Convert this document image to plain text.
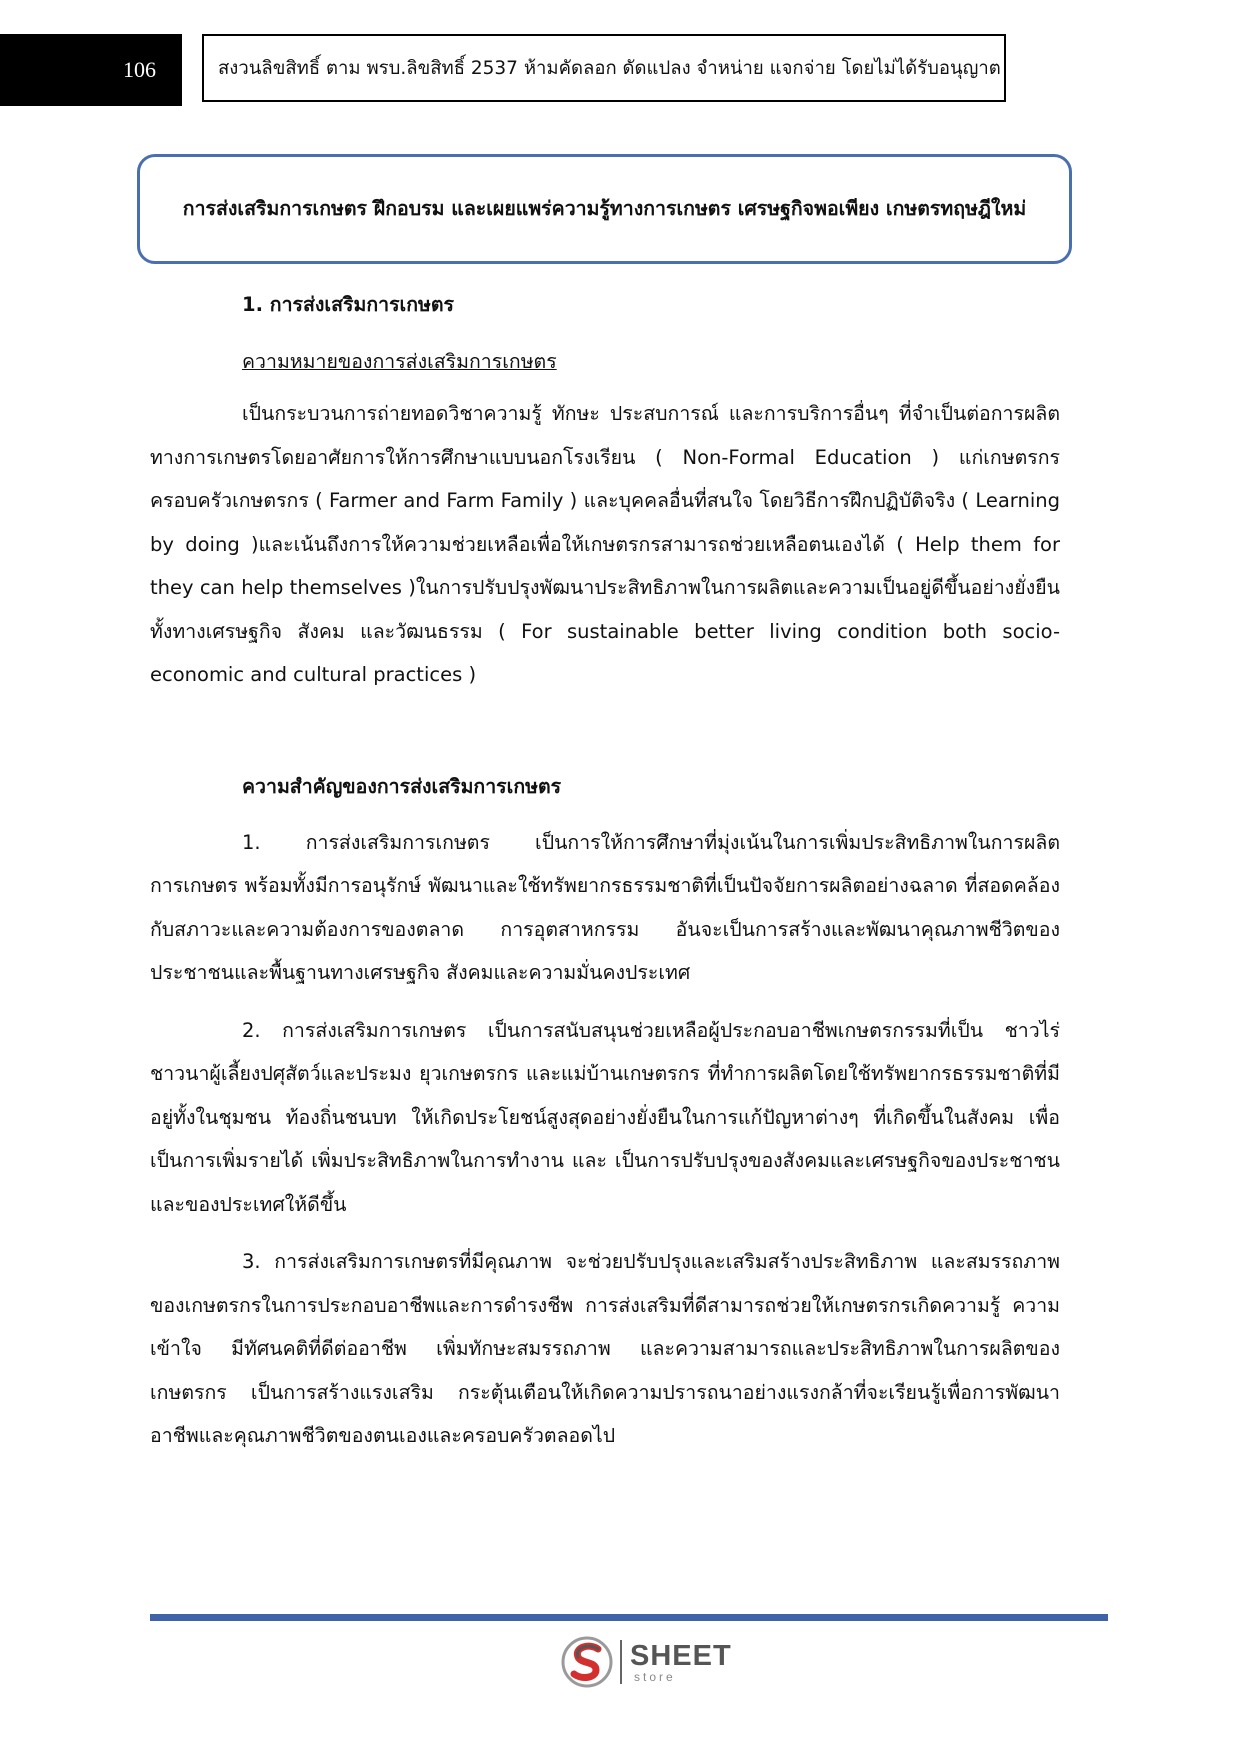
106	สงวนลิขสิทธิ์ ตาม พรบ.ลิขสิทธิ์ 2537 ห้ามคัดลอก ดัดแปลง จำหน่าย แจกจ่าย โดยไม่ได้รับอนุญาต
การส่งเสริมการเกษตร ฝึกอบรม และเผยแพร่ความรู้ทางการเกษตร เศรษฐกิจพอเพียง เกษตรทฤษฎีใหม่
1. การส่งเสริมการเกษตร
ความหมายของการส่งเสริมการเกษตร

เป็นกระบวนการถ่ายทอดวิชาความรู้ ทักษะ ประสบการณ์ และการบริการอื่นๆ ที่จำเป็นต่อการผลิตทางการเกษตรโดยอาศัยการให้การศึกษาแบบนอกโรงเรียน ( Non-Formal Education ) แก่เกษตรกร ครอบครัวเกษตรกร ( Farmer and Farm Family ) และบุคคลอื่นที่สนใจ โดยวิธีการฝึกปฏิบัติจริง ( Learning by doing )และเน้นถึงการให้ความช่วยเหลือเพื่อให้เกษตรกรสามารถช่วยเหลือตนเองได้ ( Help them for they can help themselves )ในการปรับปรุงพัฒนาประสิทธิภาพในการผลิตและความเป็นอยู่ดีขึ้นอย่างยั่งยืน ทั้งทางเศรษฐกิจ สังคม และวัฒนธรรม ( For sustainable better living condition both socio-economic and cultural practices )

ความสำคัญของการส่งเสริมการเกษตร

1. การส่งเสริมการเกษตร เป็นการให้การศึกษาที่มุ่งเน้นในการเพิ่มประสิทธิภาพในการผลิตการเกษตร พร้อมทั้งมีการอนุรักษ์ พัฒนาและใช้ทรัพยากรธรรมชาติที่เป็นปัจจัยการผลิตอย่างฉลาด ที่สอดคล้องกับสภาวะและความต้องการของตลาด การอุตสาหกรรม อันจะเป็นการสร้างและพัฒนาคุณภาพชีวิตของประชาชนและพื้นฐานทางเศรษฐกิจ สังคมและความมั่นคงประเทศ

2. การส่งเสริมการเกษตร เป็นการสนับสนุนช่วยเหลือผู้ประกอบอาชีพเกษตรกรรมที่เป็น ชาวไร่ ชาวนาผู้เลี้ยงปศุสัตว์และประมง ยุวเกษตรกร และแม่บ้านเกษตรกร ที่ทำการผลิตโดยใช้ทรัพยากรธรรมชาติที่มีอยู่ทั้งในชุมชน ท้องถิ่นชนบท ให้เกิดประโยชน์สูงสุดอย่างยั่งยืนในการแก้ปัญหาต่างๆ ที่เกิดขึ้นในสังคม เพื่อเป็นการเพิ่มรายได้ เพิ่มประสิทธิภาพในการทำงาน และ เป็นการปรับปรุงของสังคมและเศรษฐกิจของประชาชนและของประเทศให้ดีขึ้น

3. การส่งเสริมการเกษตรที่มีคุณภาพ จะช่วยปรับปรุงและเสริมสร้างประสิทธิภาพ และสมรรถภาพของเกษตรกรในการประกอบอาชีพและการดำรงชีพ การส่งเสริมที่ดีสามารถช่วยให้เกษตรกรเกิดความรู้ ความเข้าใจ มีทัศนคติที่ดีต่ออาชีพ เพิ่มทักษะสมรรถภาพ และความสามารถและประสิทธิภาพในการผลิตของเกษตรกร เป็นการสร้างแรงเสริม กระตุ้นเตือนให้เกิดความปรารถนาอย่างแรงกล้าที่จะเรียนรู้เพื่อการพัฒนาอาชีพและคุณภาพชีวิตของตนเองและครอบครัวตลอดไป

SHEET
store
